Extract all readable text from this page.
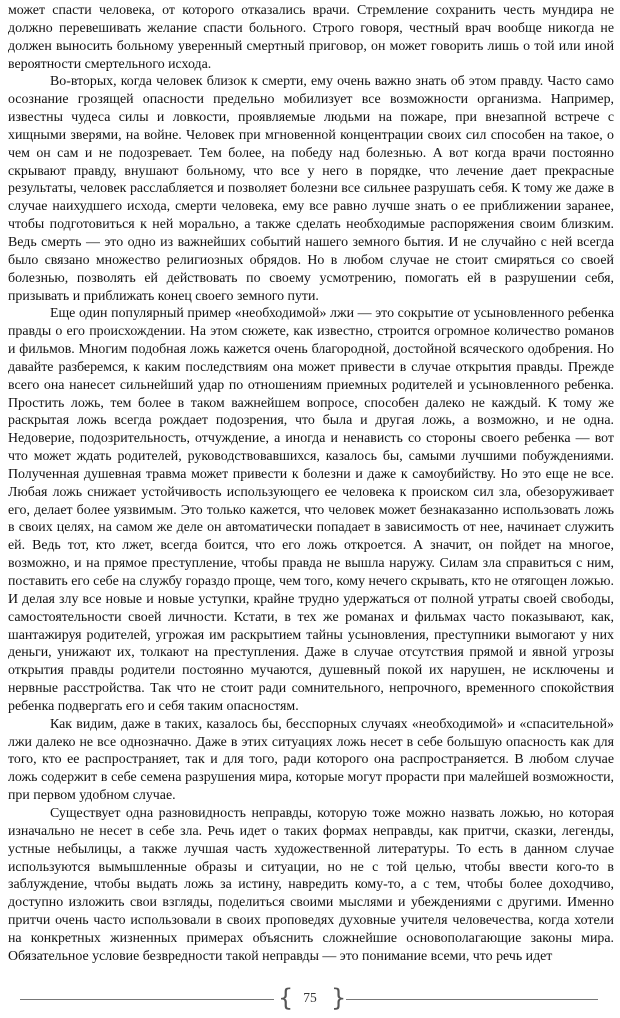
может спасти человека, от которого отказались врачи. Стремление сохранить честь мундира не должно перевешивать желание спасти больного. Строго говоря, честный врач вообще никогда не должен выносить больному уверенный смертный приговор, он может говорить лишь о той или иной вероятности смертельного исхода.

Во-вторых, когда человек близок к смерти, ему очень важно знать об этом правду. Часто само осознание грозящей опасности предельно мобилизует все возможности организма. Например, известны чудеса силы и ловкости, проявляемые людьми на пожаре, при внезапной встрече с хищными зверями, на войне. Человек при мгновенной концентрации своих сил способен на такое, о чем он сам и не подозревает. Тем более, на победу над болезнью. А вот когда врачи постоянно скрывают правду, внушают больному, что все у него в порядке, что лечение дает прекрасные результаты, человек расслабляется и позволяет болезни все сильнее разрушать себя. К тому же даже в случае наихудшего исхода, смерти человека, ему все равно лучше знать о ее приближении заранее, чтобы подготовиться к ней морально, а также сделать необходимые распоряжения своим близким. Ведь смерть — это одно из важнейших событий нашего земного бытия. И не случайно с ней всегда было связано множество религиозных обрядов. Но в любом случае не стоит смиряться со своей болезнью, позволять ей действовать по своему усмотрению, помогать ей в разрушении себя, призывать и приближать конец своего земного пути.

Еще один популярный пример «необходимой» лжи — это сокрытие от усыновленного ребенка правды о его происхождении. На этом сюжете, как известно, строится огромное количество романов и фильмов. Многим подобная ложь кажется очень благородной, достойной всяческого одобрения. Но давайте разберемся, к каким последствиям она может привести в случае открытия правды. Прежде всего она нанесет сильнейший удар по отношениям приемных родителей и усыновленного ребенка. Простить ложь, тем более в таком важнейшем вопросе, способен далеко не каждый. К тому же раскрытая ложь всегда рождает подозрения, что была и другая ложь, а возможно, и не одна. Недоверие, подозрительность, отчуждение, а иногда и ненависть со стороны своего ребенка — вот что может ждать родителей, руководствовавшихся, казалось бы, самыми лучшими побуждениями. Полученная душевная травма может привести к болезни и даже к самоубийству. Но это еще не все. Любая ложь снижает устойчивость использующего ее человека к происком сил зла, обезоруживает его, делает более уязвимым. Это только кажется, что человек может безнаказанно использовать ложь в своих целях, на самом же деле он автоматически попадает в зависимость от нее, начинает служить ей. Ведь тот, кто лжет, всегда боится, что его ложь откроется. А значит, он пойдет на многое, возможно, и на прямое преступление, чтобы правда не вышла наружу. Силам зла справиться с ним, поставить его себе на службу гораздо проще, чем того, кому нечего скрывать, кто не отягощен ложью. И делая злу все новые и новые уступки, крайне трудно удержаться от полной утраты своей свободы, самостоятельности своей личности. Кстати, в тех же романах и фильмах часто показывают, как, шантажируя родителей, угрожая им раскрытием тайны усыновления, преступники вымогают у них деньги, унижают их, толкают на преступления. Даже в случае отсутствия прямой и явной угрозы открытия правды родители постоянно мучаются, душевный покой их нарушен, не исключены и нервные расстройства. Так что не стоит ради сомнительного, непрочного, временного спокойствия ребенка подвергать его и себя таким опасностям.

Как видим, даже в таких, казалось бы, бесспорных случаях «необходимой» и «спасительной» лжи далеко не все однозначно. Даже в этих ситуациях ложь несет в себе большую опасность как для того, кто ее распространяет, так и для того, ради которого она распространяется. В любом случае ложь содержит в себе семена разрушения мира, которые могут прорасти при малейшей возможности, при первом удобном случае.

Существует одна разновидность неправды, которую тоже можно назвать ложью, но которая изначально не несет в себе зла. Речь идет о таких формах неправды, как притчи, сказки, легенды, устные небылицы, а также лучшая часть художественной литературы. То есть в данном случае используются вымышленные образы и ситуации, но не с той целью, чтобы ввести кого-то в заблуждение, чтобы выдать ложь за истину, навредить кому-то, а с тем, чтобы более доходчиво, доступно изложить свои взгляды, поделиться своими мыслями и убеждениями с другими. Именно притчи очень часто использовали в своих проповедях духовные учителя человечества, когда хотели на конкретных жизненных примерах объяснить сложнейшие основополагающие законы мира. Обязательное условие безвредности такой неправды — это понимание всеми, что речь идет

{ 75 }
